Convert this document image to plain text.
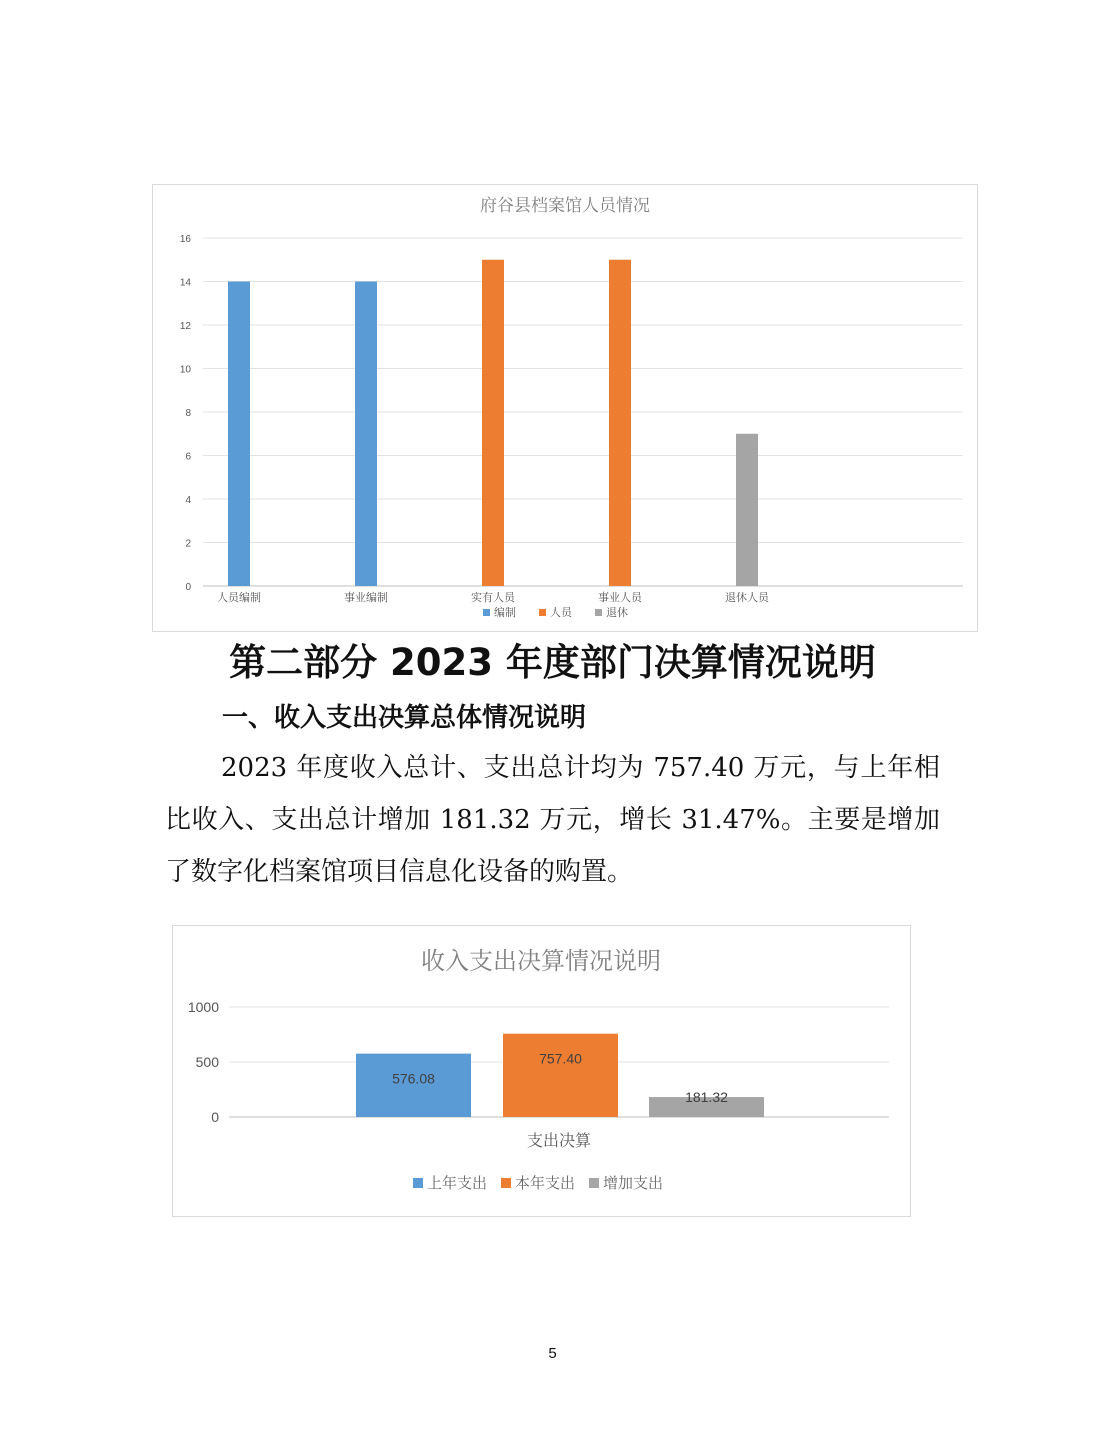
府谷县档案馆人员情况
0
2
4
6
8
10
12
14
16
人员编制	事业编制	实有人员	事业人员	退休人员
编制	人员	退休
第二部分 2023 年度部门决算情况说明
一、收入支出决算总体情况说明

2023 年度收入总计、支出总计均为 757.40 万元，与上年相比收入、支出总计增加 181.32 万元，增长 31.47%。主要是增加了数字化档案馆项目信息化设备的购置。

收入支出决算情况说明
0
500
1000
576.08
757.40
181.32
支出决算
上年支出 本年支出 增加支出
5
